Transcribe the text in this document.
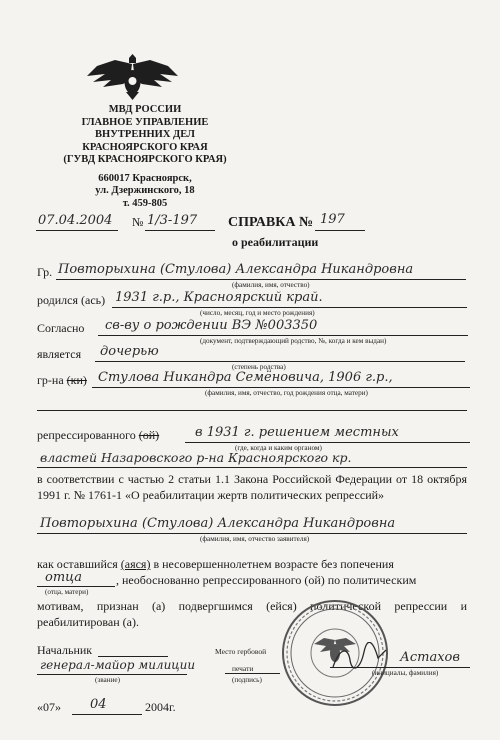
МВД РОССИИ
ГЛАВНОЕ УПРАВЛЕНИЕ
ВНУТРЕННИХ ДЕЛ
КРАСНОЯРСКОГО КРАЯ
(ГУВД КРАСНОЯРСКОГО КРАЯ)
660017 Красноярск,
ул. Дзержинского, 18
т. 459-805
07.04.2004 № 1/3-197 СПРАВКА № 197
о реабилитации
Гр. Повторыхина (Стулова) Александра Никандровна
(фамилия, имя, отчество)
родился (ась) 1931 г.р., Красноярский край.
(число, месяц, год и место рождения)
Согласно св-ву о рождении ВЭ №003350
(документ, подтверждающий родство, №, когда и кем выдан)
является дочерью
(степень родства)
гр-на (ки) Стулова Никандра Семёновича, 1906 г.р.,
(фамилия, имя, отчество, год рождения отца, матери)
репрессированного (ой)	в 1931 г. решением местных
(где, когда и каким органом)
властей Назаровского р-на Красноярского кр.
в соответствии с частью 2 статьи 1.1 Закона Российской Федерации от 18 октября 1991 г. № 1761-1 «О реабилитации жертв политических репрессий»
Повторыхина (Стулова) Александра Никандровна
(фамилия, имя, отчество заявителя)
как оставшийся (аяся) в несовершеннолетнем возрасте без попечения
отца	, необоснованно репрессированного (ой) по политическим
(отца, матери)
мотивам, признан (а) подвергшимся (ейся) политической репрессии и реабилитирован (а).
Начальник
генерал-майор милиции
(звание)
Место гербовой
печати
(подпись)
Астахов
(инициалы, фамилия)
«07» 04	2004г.
